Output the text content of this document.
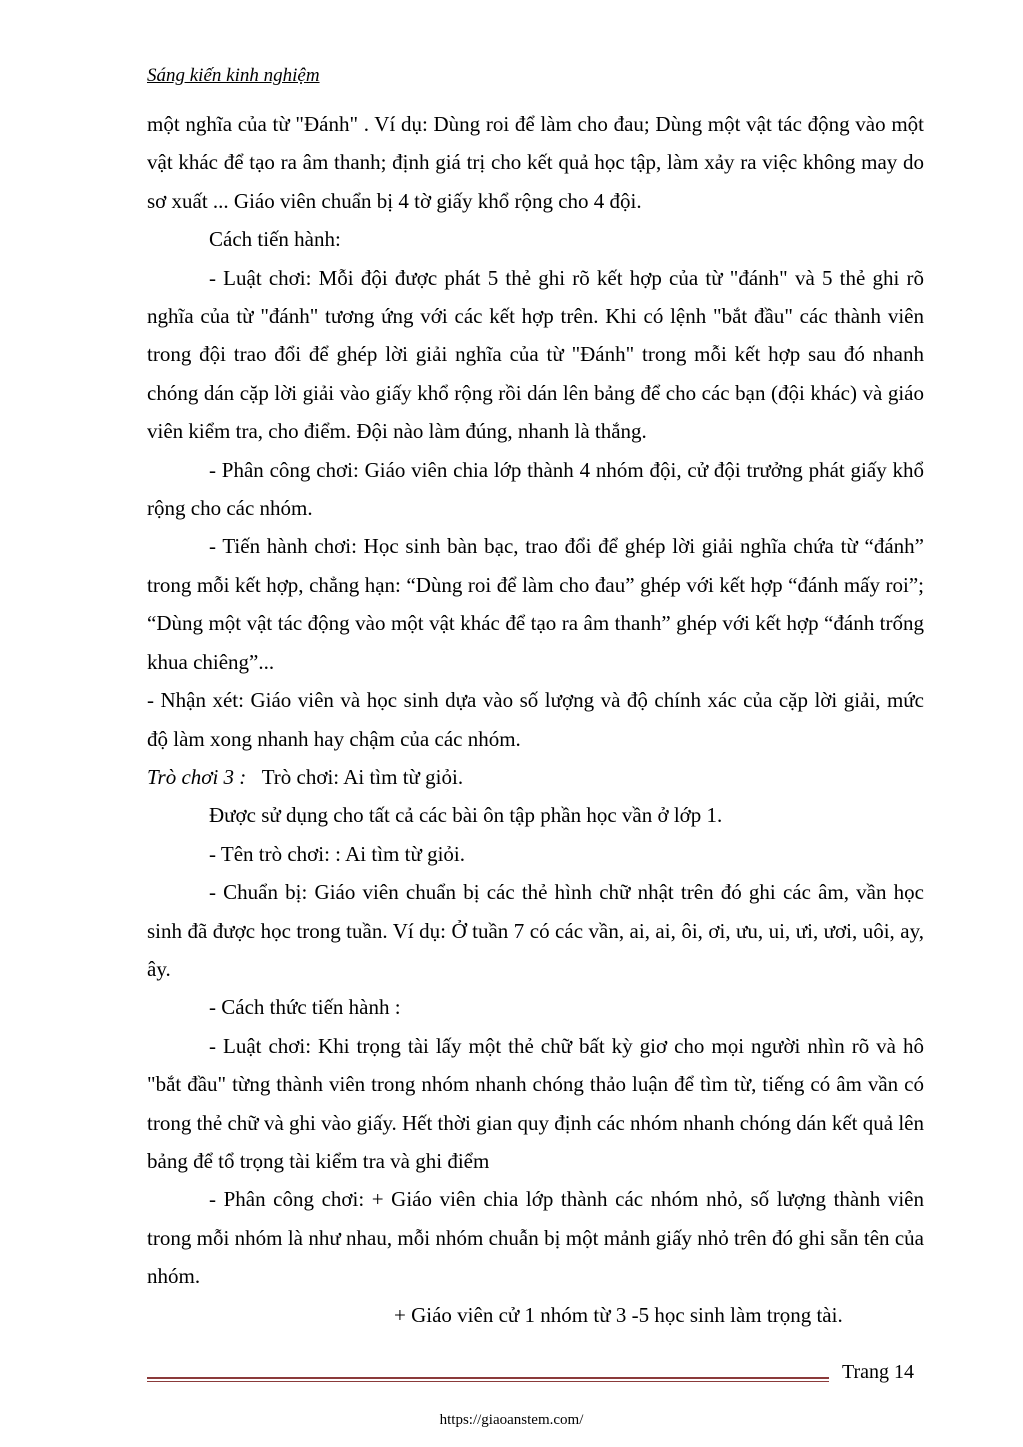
Sáng kiến kinh nghiệm

một nghĩa của từ "Đánh" . Ví dụ: Dùng roi để làm cho đau; Dùng một vật tác động vào một vật khác để tạo ra âm thanh; định giá trị cho kết quả học tập, làm xảy ra việc không may do sơ xuất ... Giáo viên chuẩn bị 4 tờ giấy khổ rộng cho 4 đội.

Cách tiến hành:

- Luật chơi: Mỗi đội được phát 5 thẻ ghi rõ kết hợp của từ "đánh" và 5 thẻ ghi rõ nghĩa của từ "đánh" tương ứng với các kết hợp trên. Khi có lệnh "bắt đầu" các thành viên trong đội trao đổi để ghép lời giải nghĩa của từ "Đánh" trong mỗi kết hợp sau đó nhanh chóng dán cặp lời giải vào giấy khổ rộng rồi dán lên bảng để cho các bạn (đội khác) và giáo viên kiểm tra, cho điểm. Đội nào làm đúng, nhanh là thắng.

- Phân công chơi: Giáo viên chia lớp thành 4 nhóm đội, cử đội trưởng phát giấy khổ rộng cho các nhóm.

- Tiến hành chơi: Học sinh bàn bạc, trao đổi để ghép lời giải nghĩa chứa từ “đánh” trong mỗi kết hợp, chẳng hạn: “Dùng roi để làm cho đau” ghép với kết hợp “đánh mấy roi”; “Dùng một vật tác động vào một vật khác để tạo ra âm thanh” ghép với kết hợp “đánh trống khua chiêng”...

- Nhận xét: Giáo viên và học sinh dựa vào số lượng và độ chính xác của cặp lời giải, mức độ làm xong nhanh hay chậm của các nhóm.

Trò chơi 3 : Trò chơi: Ai tìm từ giỏi.

Được sử dụng cho tất cả các bài ôn tập phần học vần ở lớp 1.

- Tên trò chơi: : Ai tìm từ giỏi.

- Chuẩn bị: Giáo viên chuẩn bị các thẻ hình chữ nhật trên đó ghi các âm, vần học sinh đã được học trong tuần. Ví dụ: Ở tuần 7 có các vần, ai, ai, ôi, ơi, ưu, ui, ưi, ươi, uôi, ay, ây.

- Cách thức tiến hành :

- Luật chơi: Khi trọng tài lấy một thẻ chữ bất kỳ giơ cho mọi người nhìn rõ và hô "bắt đầu" từng thành viên trong nhóm nhanh chóng thảo luận để tìm từ, tiếng có âm vần có trong thẻ chữ và ghi vào giấy. Hết thời gian quy định các nhóm nhanh chóng dán kết quả lên bảng để tổ trọng tài kiểm tra và ghi điểm

- Phân công chơi: + Giáo viên chia lớp thành các nhóm nhỏ, số lượng thành viên trong mỗi nhóm là như nhau, mỗi nhóm chuẫn bị một mảnh giấy nhỏ trên đó ghi sẵn tên của nhóm.

+ Giáo viên cử 1 nhóm từ 3 -5 học sinh làm trọng tài.

Trang 14
https://giaoanstem.com/
